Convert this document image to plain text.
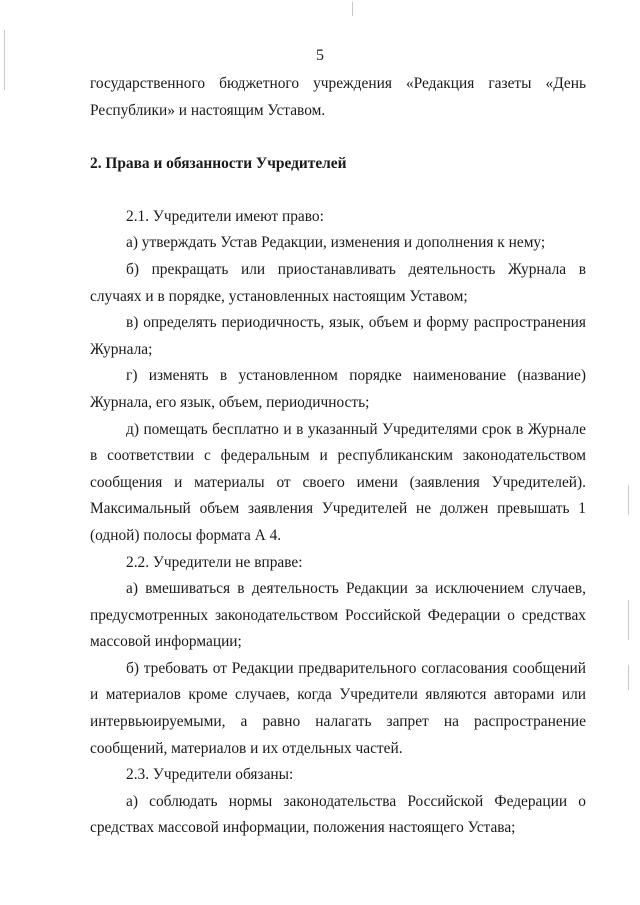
5

государственного бюджетного учреждения «Редакция газеты «День Республики» и настоящим Уставом.

2. Права и обязанности Учредителей

2.1. Учредители имеют право:

а) утверждать Устав Редакции, изменения и дополнения к нему;

б) прекращать или приостанавливать деятельность Журнала в случаях и в порядке, установленных настоящим Уставом;

в) определять периодичность, язык, объем и форму распространения Журнала;

г) изменять в установленном порядке наименование (название) Журнала, его язык, объем, периодичность;

д) помещать бесплатно и в указанный Учредителями срок в Журнале в соответствии с федеральным и республиканским законодательством сообщения и материалы от своего имени (заявления Учредителей). Максимальный объем заявления Учредителей не должен превышать 1 (одной) полосы формата А 4.

2.2. Учредители не вправе:

а) вмешиваться в деятельность Редакции за исключением случаев, предусмотренных законодательством Российской Федерации о средствах массовой информации;

б) требовать от Редакции предварительного согласования сообщений и материалов кроме случаев, когда Учредители являются авторами или интервьюируемыми, а равно налагать запрет на распространение сообщений, материалов и их отдельных частей.

2.3. Учредители обязаны:

а) соблюдать нормы законодательства Российской Федерации о средствах массовой информации, положения настоящего Устава;
